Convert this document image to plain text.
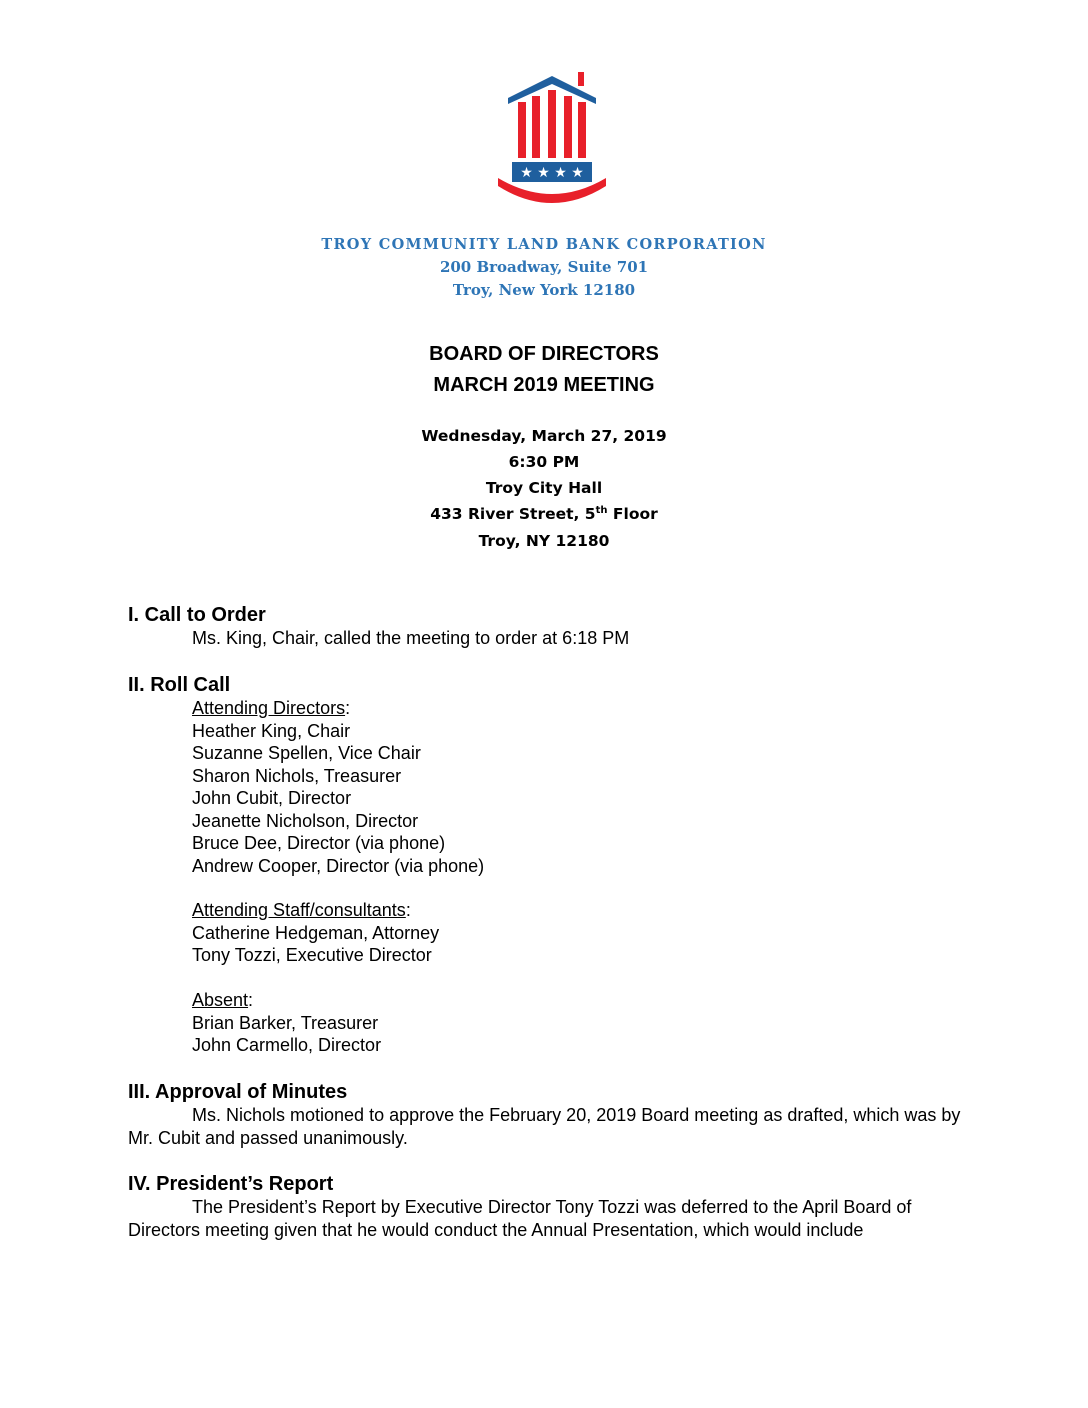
★ ★ ★ ★
TROY COMMUNITY LAND BANK CORPORATION
200 Broadway, Suite 701
Troy, New York 12180
BOARD OF DIRECTORS
MARCH 2019 MEETING
Wednesday, March 27, 2019
6:30 PM
Troy City Hall
433 River Street, 5th Floor
Troy, NY 12180
I. Call to Order
Ms. King, Chair, called the meeting to order at 6:18 PM
II. Roll Call
Attending Directors:
Heather King, Chair
Suzanne Spellen, Vice Chair
Sharon Nichols, Treasurer
John Cubit, Director
Jeanette Nicholson, Director
Bruce Dee, Director (via phone)
Andrew Cooper, Director (via phone)
Attending Staff/consultants:
Catherine Hedgeman, Attorney
Tony Tozzi, Executive Director
Absent:
Brian Barker, Treasurer
John Carmello, Director
III. Approval of Minutes
Ms. Nichols motioned to approve the February 20, 2019 Board meeting as drafted, which was by Mr. Cubit and passed unanimously.
IV. President’s Report
The President’s Report by Executive Director Tony Tozzi was deferred to the April Board of Directors meeting given that he would conduct the Annual Presentation, which would include
